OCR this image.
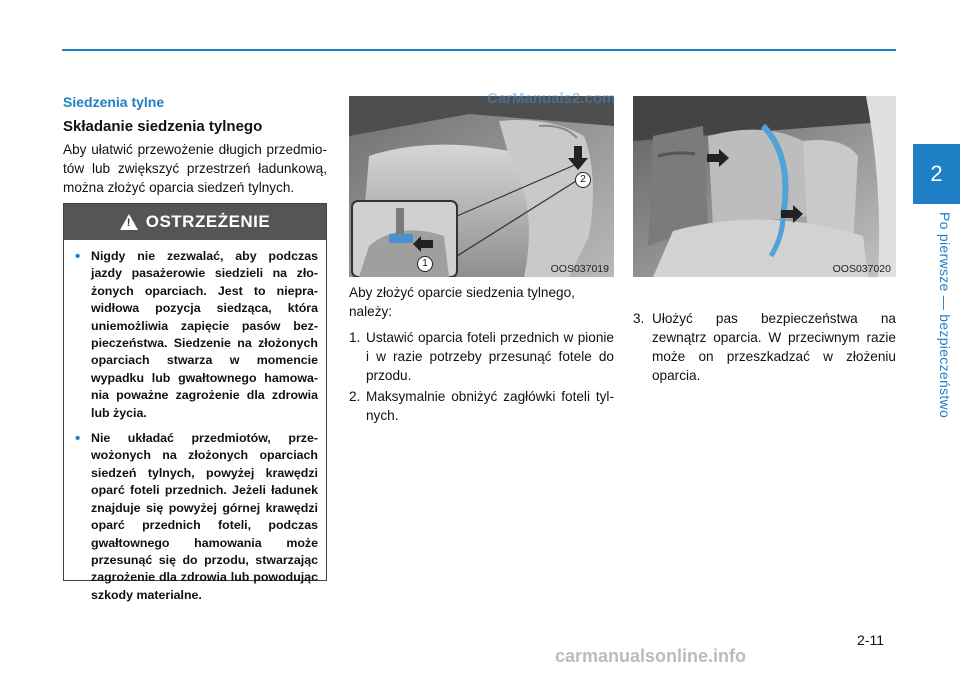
2
Po pierwsze — bezpieczeństwo
Siedzenia tylne
Składanie siedzenia tylnego
Aby ułatwić przewożenie długich przedmiotów lub zwiększyć przestrzeń ładunkową, można złożyć oparcia siedzeń tylnych.
! OSTRZEŻENIE
• Nigdy nie zezwalać, aby podczas jazdy pasażerowie siedzieli na złożonych oparciach. Jest to nieprawidłowa pozycja siedząca, która uniemożliwia zapięcie pasów bezpieczeństwa. Siedzenie na złożonych oparciach stwarza w momencie wypadku lub gwałtownego hamowania poważne zagrożenie dla zdrowia lub życia.
• Nie układać przedmiotów, przewożonych na złożonych oparciach siedzeń tylnych, powyżej krawędzi oparć foteli przednich. Jeżeli ładunek znajduje się powyżej górnej krawędzi oparć przednich foteli, podczas gwałtownego hamowania może przesunąć się do przodu, stwarzając zagrożenie dla zdrowia lub powodując szkody materialne.
2
1	OOS037019	OOS037020

Aby złożyć oparcie siedzenia tylnego, należy:

1. Ustawić oparcia foteli przednich w pionie i w razie potrzeby przesunąć fotele do przodu.
2. Maksymalnie obniżyć zagłówki foteli tylnych.
3. Ułożyć pas bezpieczeństwa na zewnątrz oparcia. W przeciwnym razie może on przeszkadzać w złożeniu oparcia.
2-11
CarManuals2.com
carmanualsonline.info
